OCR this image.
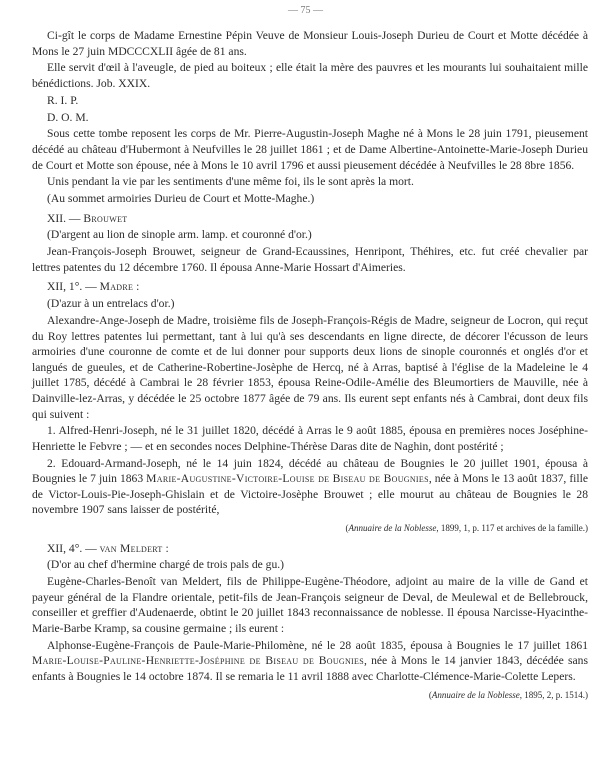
— 75 —

Ci-gît le corps de Madame Ernestine Pépin Veuve de Monsieur Louis-Joseph Durieu de Court et Motte décédée à Mons le 27 juin MDCCCXLII âgée de 81 ans.

Elle servit d'œil à l'aveugle, de pied au boiteux ; elle était la mère des pauvres et les mourants lui souhaitaient mille bénédictions. Job. XXIX.

R. I. P.

D. O. M.

Sous cette tombe reposent les corps de Mr. Pierre-Augustin-Joseph Maghe né à Mons le 28 juin 1791, pieusement décédé au château d'Hubermont à Neufvilles le 28 juillet 1861 ; et de Dame Albertine-Antoinette-Marie-Joseph Durieu de Court et Motte son épouse, née à Mons le 10 avril 1796 et aussi pieusement décédée à Neufvilles le 28 8bre 1856.

Unis pendant la vie par les sentiments d'une même foi, ils le sont après la mort.

(Au sommet armoiries Durieu de Court et Motte-Maghe.)

XII. — Brouwet

(D'argent au lion de sinople arm. lamp. et couronné d'or.)

Jean-François-Joseph Brouwet, seigneur de Grand-Ecaussines, Henripont, Théhires, etc. fut créé chevalier par lettres patentes du 12 décembre 1760. Il épousa Anne-Marie Hossart d'Aimeries.

XII, 1°. — Madre :

(D'azur à un entrelacs d'or.)

Alexandre-Ange-Joseph de Madre, troisième fils de Joseph-François-Régis de Madre, seigneur de Locron, qui reçut du Roy lettres patentes lui permettant, tant à lui qu'à ses descendants en ligne directe, de décorer l'écusson de leurs armoiries d'une couronne de comte et de lui donner pour supports deux lions de sinople couronnés et onglés d'or et langués de gueules, et de Catherine-Robertine-Josèphe de Hercq, né à Arras, baptisé à l'église de la Madeleine le 4 juillet 1785, décédé à Cambrai le 28 février 1853, épousa Reine-Odile-Amélie des Bleumortiers de Mauville, née à Dainville-lez-Arras, y décédée le 25 octobre 1877 âgée de 79 ans. Ils eurent sept enfants nés à Cambrai, dont deux fils qui suivent :

1. Alfred-Henri-Joseph, né le 31 juillet 1820, décédé à Arras le 9 août 1885, épousa en premières noces Joséphine-Henriette le Febvre ; — et en secondes noces Delphine-Thérèse Daras dite de Naghin, dont postérité ;

2. Edouard-Armand-Joseph, né le 14 juin 1824, décédé au château de Bougnies le 20 juillet 1901, épousa à Bougnies le 7 juin 1863 Marie-Augustine-Victoire-Louise de Biseau de Bougnies, née à Mons le 13 août 1837, fille de Victor-Louis-Pie-Joseph-Ghislain et de Victoire-Josèphe Brouwet ; elle mourut au château de Bougnies le 28 novembre 1907 sans laisser de postérité,

(Annuaire de la Noblesse, 1899, 1, p. 117 et archives de la famille.)

XII, 4°. — van Meldert :

(D'or au chef d'hermine chargé de trois pals de gu.)

Eugène-Charles-Benoît van Meldert, fils de Philippe-Eugène-Théodore, adjoint au maire de la ville de Gand et payeur général de la Flandre orientale, petit-fils de Jean-François seigneur de Deval, de Meulewal et de Bellebrouck, conseiller et greffier d'Audenaerde, obtint le 20 juillet 1843 reconnaissance de noblesse. Il épousa Narcisse-Hyacinthe-Marie-Barbe Kramp, sa cousine germaine ; ils eurent :

Alphonse-Eugène-François de Paule-Marie-Philomène, né le 28 août 1835, épousa à Bougnies le 17 juillet 1861 Marie-Louise-Pauline-Henriette-Joséphine de Biseau de Bougnies, née à Mons le 14 janvier 1843, décédée sans enfants à Bougnies le 14 octobre 1874. Il se remaria le 11 avril 1888 avec Charlotte-Clémence-Marie-Colette Lepers.

(Annuaire de la Noblesse, 1895, 2, p. 1514.)
